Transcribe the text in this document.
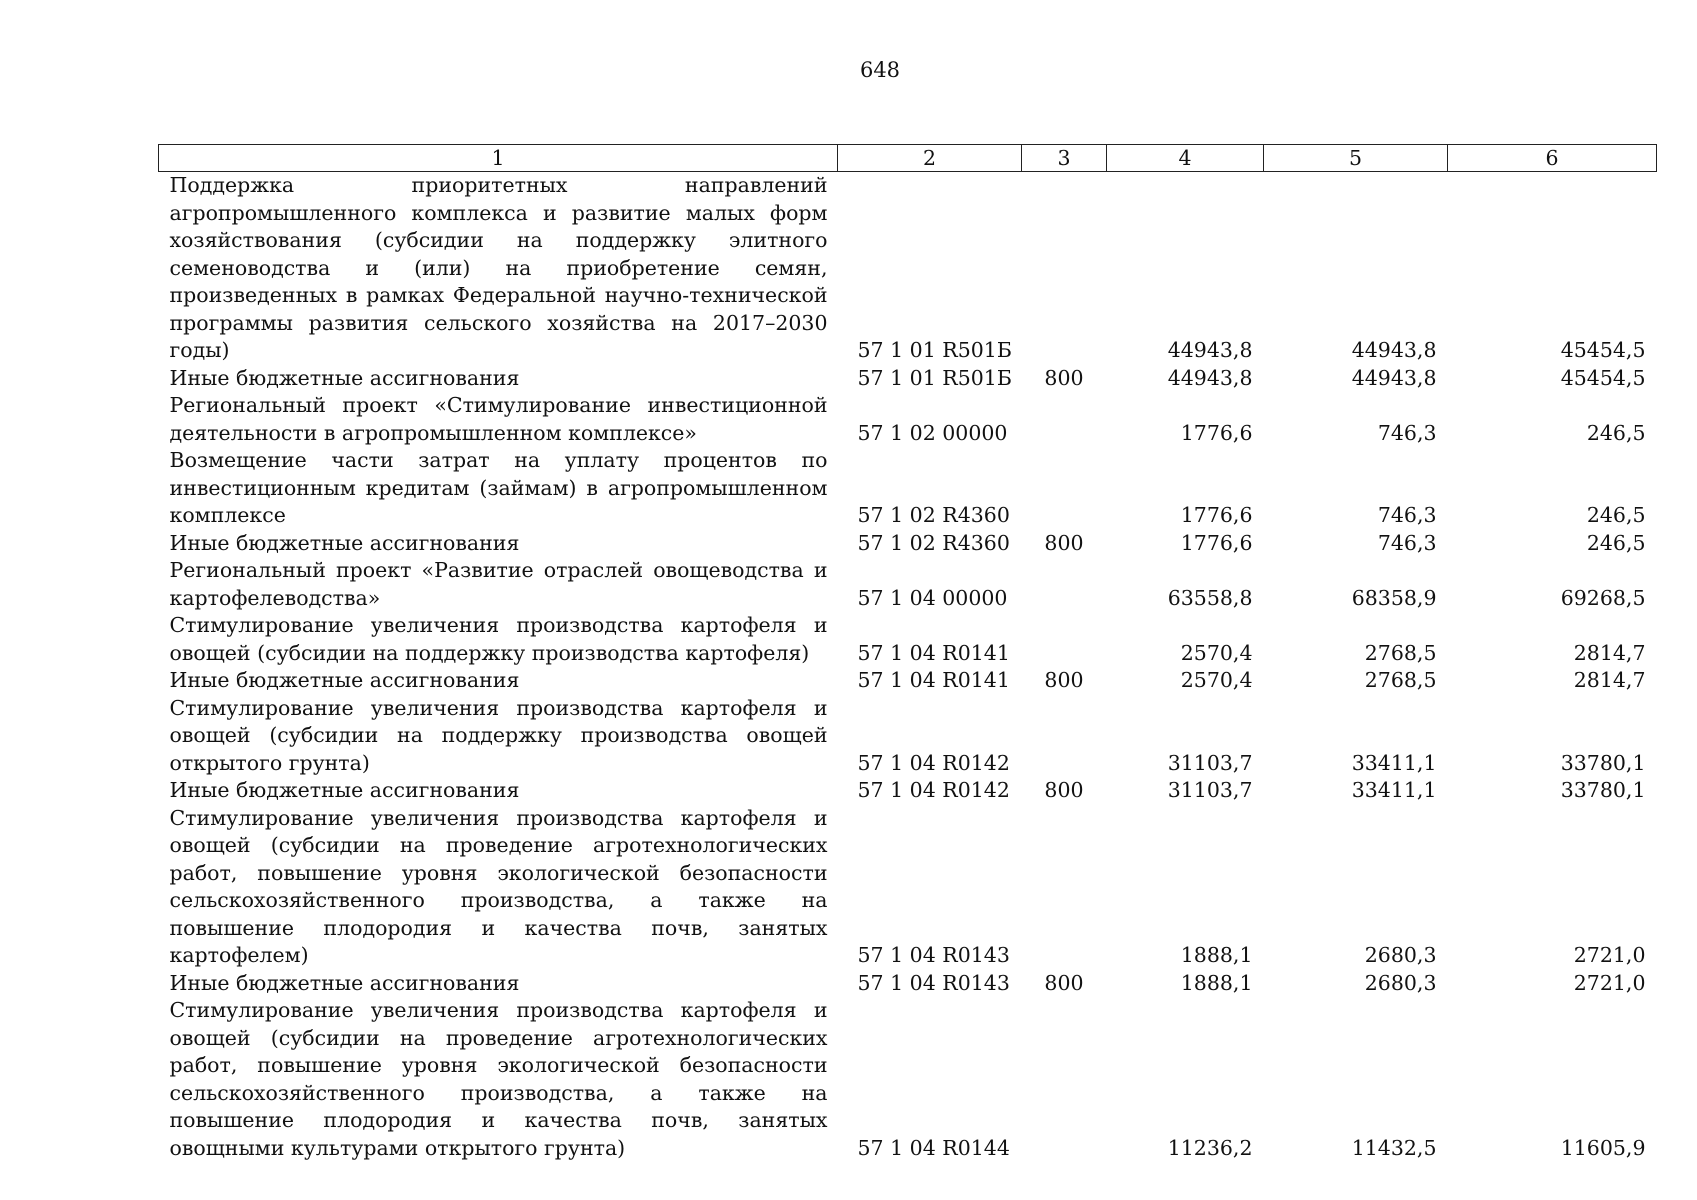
648
1	2	3	4	5	6
Поддержка приоритетных направлений агропромышленного комплекса и развитие малых форм хозяйствования (субсидии на поддержку элитного семеноводства и (или) на приобретение семян, произведенных в рамках Федеральной научно-технической программы развития сельского хозяйства на 2017–2030 годы)	57 1 01 R501Б		44943,8	44943,8	45454,5
Иные бюджетные ассигнования	57 1 01 R501Б	800	44943,8	44943,8	45454,5
Региональный проект «Стимулирование инвестиционной деятельности в агропромышленном комплексе»	57 1 02 00000		1776,6	746,3	246,5
Возмещение части затрат на уплату процентов по инвестиционным кредитам (займам) в агропромышленном комплексе	57 1 02 R4360		1776,6	746,3	246,5
Иные бюджетные ассигнования	57 1 02 R4360	800	1776,6	746,3	246,5
Региональный проект «Развитие отраслей овощеводства и картофелеводства»	57 1 04 00000		63558,8	68358,9	69268,5
Стимулирование увеличения производства картофеля и овощей (субсидии на поддержку производства картофеля)	57 1 04 R0141		2570,4	2768,5	2814,7
Иные бюджетные ассигнования	57 1 04 R0141	800	2570,4	2768,5	2814,7
Стимулирование увеличения производства картофеля и овощей (субсидии на поддержку производства овощей открытого грунта)	57 1 04 R0142		31103,7	33411,1	33780,1
Иные бюджетные ассигнования	57 1 04 R0142	800	31103,7	33411,1	33780,1
Стимулирование увеличения производства картофеля и овощей (субсидии на проведение агротехнологических работ, повышение уровня экологической безопасности сельскохозяйственного производства, а также на повышение плодородия и качества почв, занятых картофелем)	57 1 04 R0143		1888,1	2680,3	2721,0
Иные бюджетные ассигнования	57 1 04 R0143	800	1888,1	2680,3	2721,0
Стимулирование увеличения производства картофеля и овощей (субсидии на проведение агротехнологических работ, повышение уровня экологической безопасности сельскохозяйственного производства, а также на повышение плодородия и качества почв, занятых овощными культурами открытого грунта)	57 1 04 R0144		11236,2	11432,5	11605,9
